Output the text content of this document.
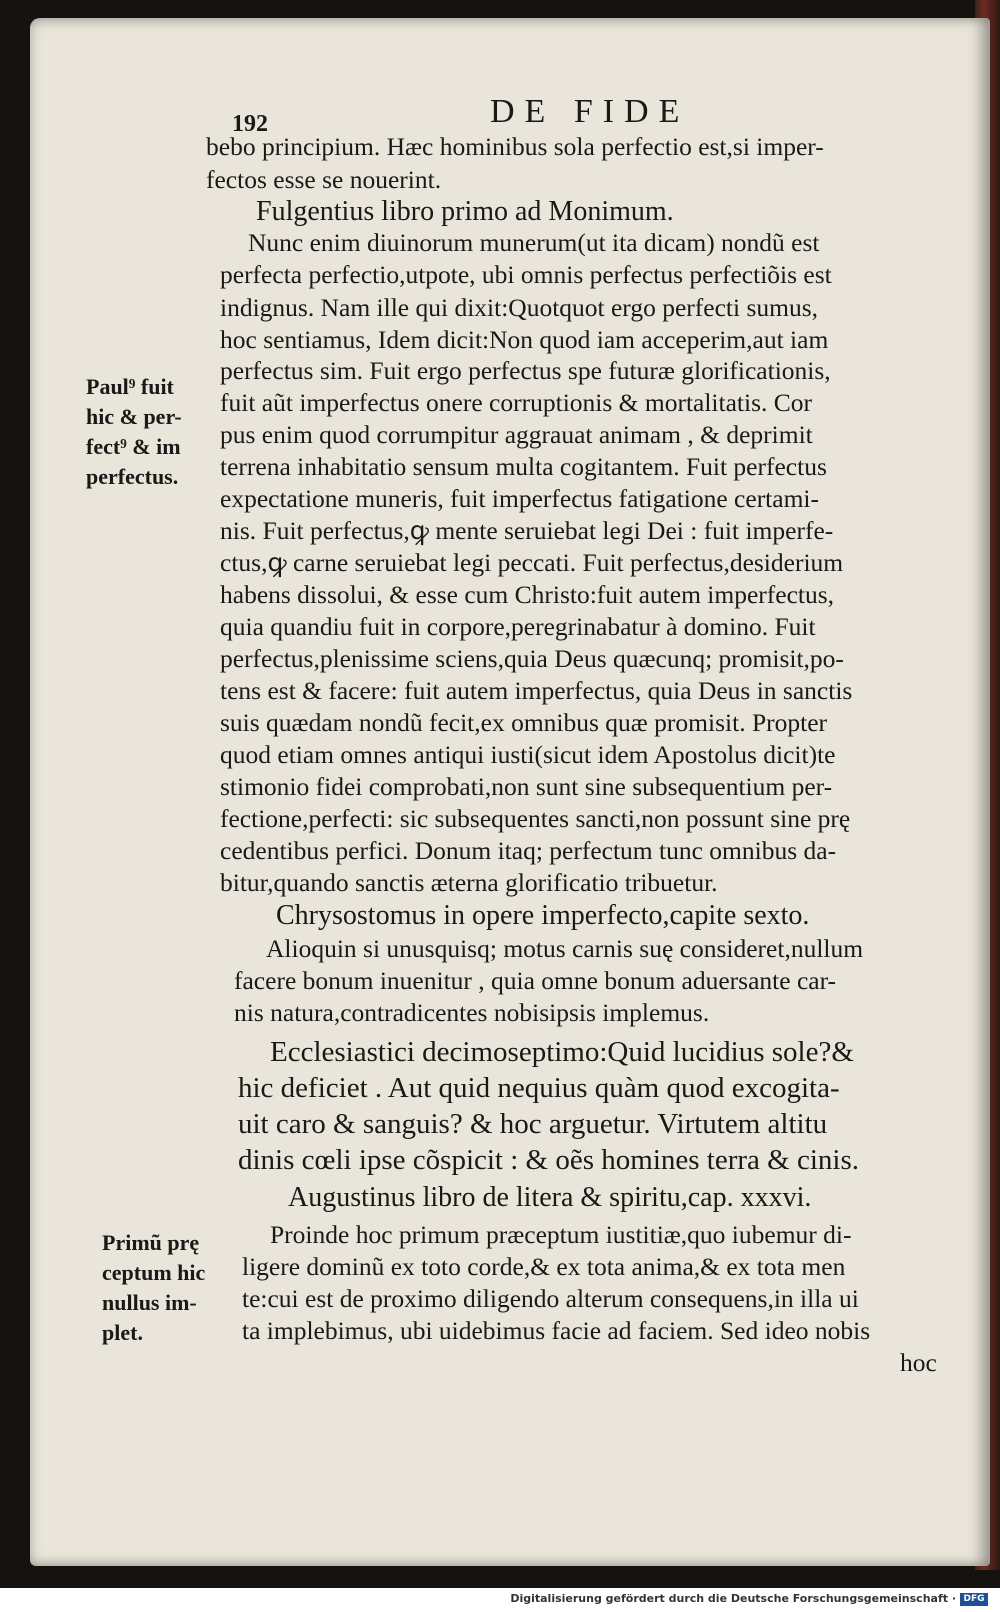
192	DE FIDE
bebo principium. Hæc hominibus sola perfectio est,si imper-
fectos esse se nouerint.
Fulgentius libro primo ad Monimum.
Nunc enim diuinorum munerum(ut ita dicam) nondũ est
perfecta perfectio,utpote, ubi omnis perfectus perfectiõis est
indignus. Nam ille qui dixit:Quotquot ergo perfecti sumus,
hoc sentiamus, Idem dicit:Non quod iam acceperim,aut iam
perfectus sim. Fuit ergo perfectus spe futuræ glorificationis,
fuit aũt imperfectus onere corruptionis & mortalitatis. Cor
pus enim quod corrumpitur aggrauat animam , & deprimit
terrena inhabitatio sensum multa cogitantem. Fuit perfectus
expectatione muneris, fuit imperfectus fatigatione certami-
nis. Fuit perfectus,ꝙ mente seruiebat legi Dei : fuit imperfe-
ctus,ꝙ carne seruiebat legi peccati. Fuit perfectus,desiderium
habens dissolui, & esse cum Christo:fuit autem imperfectus,
quia quandiu fuit in corpore,peregrinabatur à domino. Fuit
perfectus,plenissime sciens,quia Deus quæcunq; promisit,po-
tens est & facere: fuit autem imperfectus, quia Deus in sanctis
suis quædam nondũ fecit,ex omnibus quæ promisit. Propter
quod etiam omnes antiqui iusti(sicut idem Apostolus dicit)te
stimonio fidei comprobati,non sunt sine subsequentium per-
fectione,perfecti: sic subsequentes sancti,non possunt sine prę
cedentibus perfici. Donum itaq; perfectum tunc omnibus da-
bitur,quando sanctis æterna glorificatio tribuetur.
Chrysostomus in opere imperfecto,capite sexto.
Alioquin si unusquisq; motus carnis suę consideret,nullum
facere bonum inuenitur , quia omne bonum aduersante car-
nis natura,contradicentes nobisipsis implemus.
Ecclesiastici decimoseptimo:Quid lucidius sole?&
hic deficiet . Aut quid nequius quàm quod excogita-
uit caro & sanguis? & hoc arguetur. Virtutem altitu
dinis cœli ipse cõspicit : & oẽs homines terra & cinis.
Augustinus libro de litera & spiritu,cap. xxxvi.
Proinde hoc primum præceptum iustitiæ,quo iubemur di-
ligere dominũ ex toto corde,& ex tota anima,& ex tota men
te:cui est de proximo diligendo alterum consequens,in illa ui
ta implebimus, ubi uidebimus facie ad faciem. Sed ideo nobis
hoc
Paul⁹ fuit
hic & per-
fect⁹ & im
perfectus.
Primũ prę
ceptum hic
nullus im-
plet.
Digitalisierung gefördert durch die Deutsche Forschungsgemeinschaft · DFG
